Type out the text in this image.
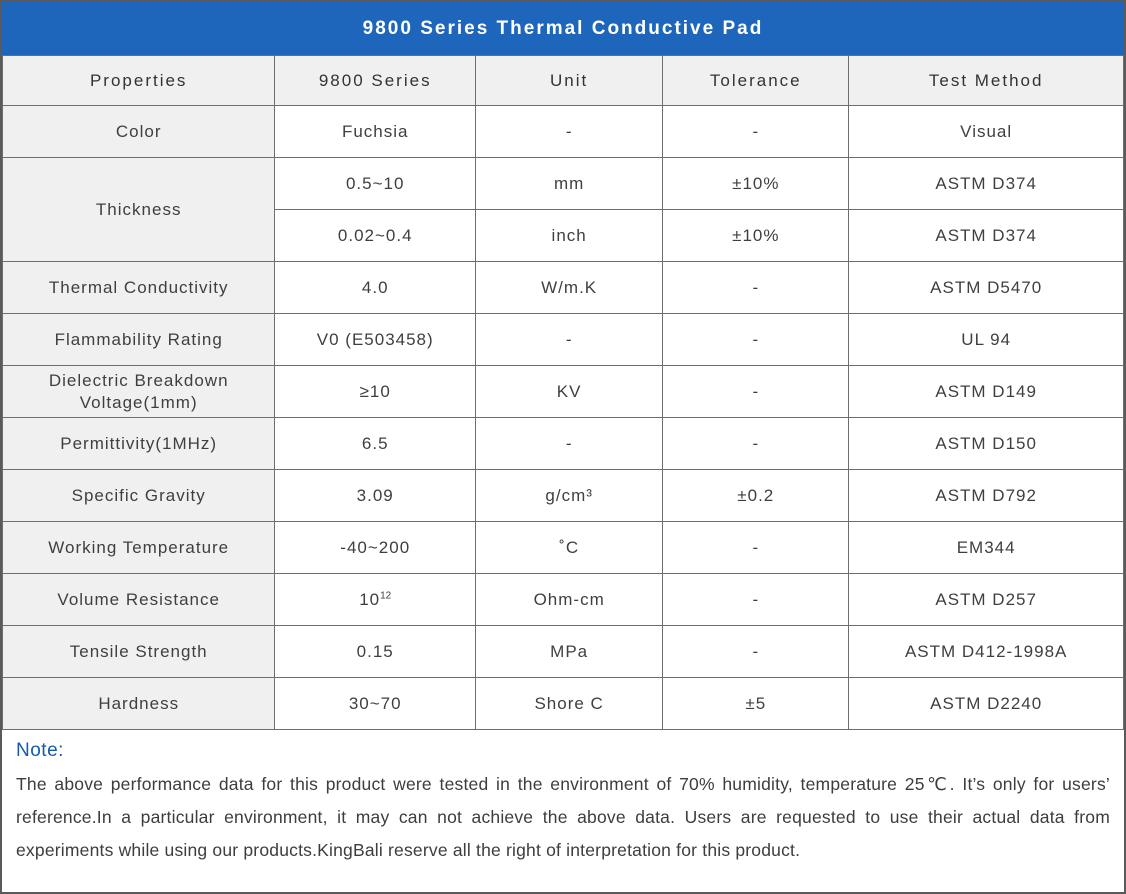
9800 Series Thermal Conductive Pad
Properties	9800 Series	Unit	Tolerance	Test Method
Color	Fuchsia	-	-	Visual
Thickness	0.5~10	mm	±10%	ASTM D374
	0.02~0.4	inch	±10%	ASTM D374
Thermal Conductivity	4.0	W/m.K	-	ASTM D5470
Flammability Rating	V0 (E503458)	-	-	UL 94
Dielectric Breakdown Voltage(1mm)	≥10	KV	-	ASTM D149
Permittivity(1MHz)	6.5	-	-	ASTM D150
Specific Gravity	3.09	g/cm³	±0.2	ASTM D792
Working Temperature	-40~200	˚C	-	EM344
Volume Resistance	$10^{12}$	Ohm-cm	-	ASTM D257
Tensile Strength	0.15	MPa	-	ASTM D412-1998A
Hardness	30~70	Shore C	±5	ASTM D2240
Note:
The above performance data for this product were tested in the environment of 70% humidity, temperature 25℃. It’s only for users’ reference.In a particular environment, it may can not achieve the above data. Users are requested to use their actual data from experiments while using our products.KingBali reserve all the right of interpretation for this product.
